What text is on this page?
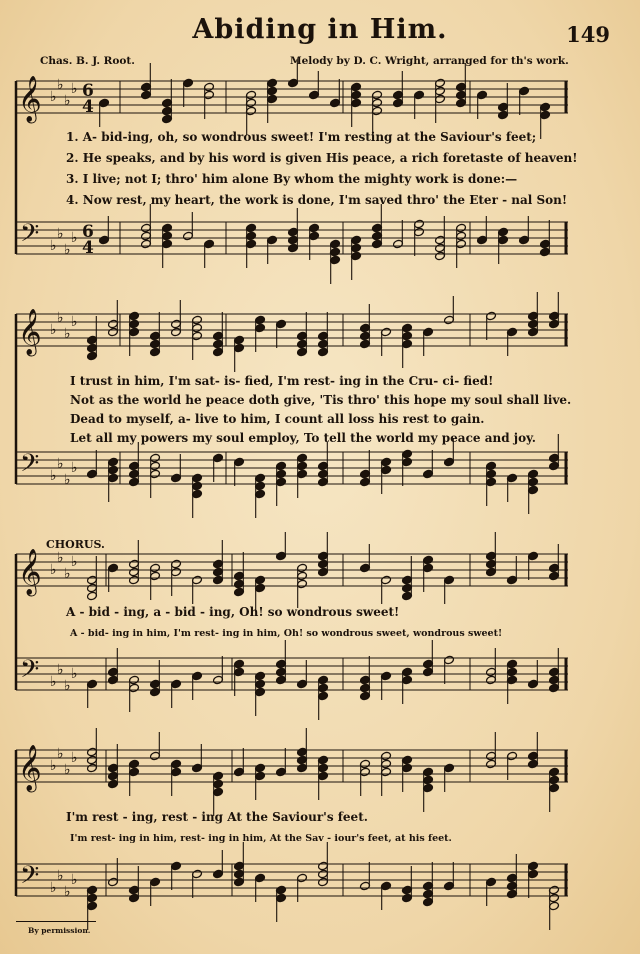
Abiding in Him.	149
Chas. B. J. Root.	Melody by D. C. Wright, arranged for th's work.
𝄞 ♭
♭
♭
♭ 6
4
𝄢 ♭
♭
♭
♭ 6
4
𝄞 ♭
♭
♭
♭
𝄢 ♭
♭
♭
♭
𝄞 ♭
♭
♭
♭
𝄢 ♭
♭
♭
♭
𝄞 ♭
♭
♭
♭
𝄢 ♭
♭
♭
♭
1. A- bid-ing, oh, so wondrous sweet! I'm resting at the Saviour's feet;
2. He speaks, and by his word is given His peace, a rich foretaste of heaven!
3. I live; not I; thro' him alone By whom the mighty work is done:—
4. Now rest, my heart, the work is done, I'm saved thro' the Eter - nal Son!
I trust in him, I'm sat- is- fied, I'm rest- ing in the Cru- ci- fied!
Not as the world he peace doth give, 'Tis thro' this hope my soul shall live.
Dead to myself, a- live to him, I count all loss his rest to gain.
Let all my powers my soul employ, To tell the world my peace and joy.
CHORUS.
A - bid - ing, a - bid - ing, Oh! so wondrous sweet!
A - bid- ing in him, I'm rest- ing in him, Oh! so wondrous sweet, wondrous sweet!
I'm rest - ing, rest - ing At the Saviour's feet.
I'm rest- ing in him, rest- ing in him, At the Sav - iour's feet, at his feet.
By permission.
